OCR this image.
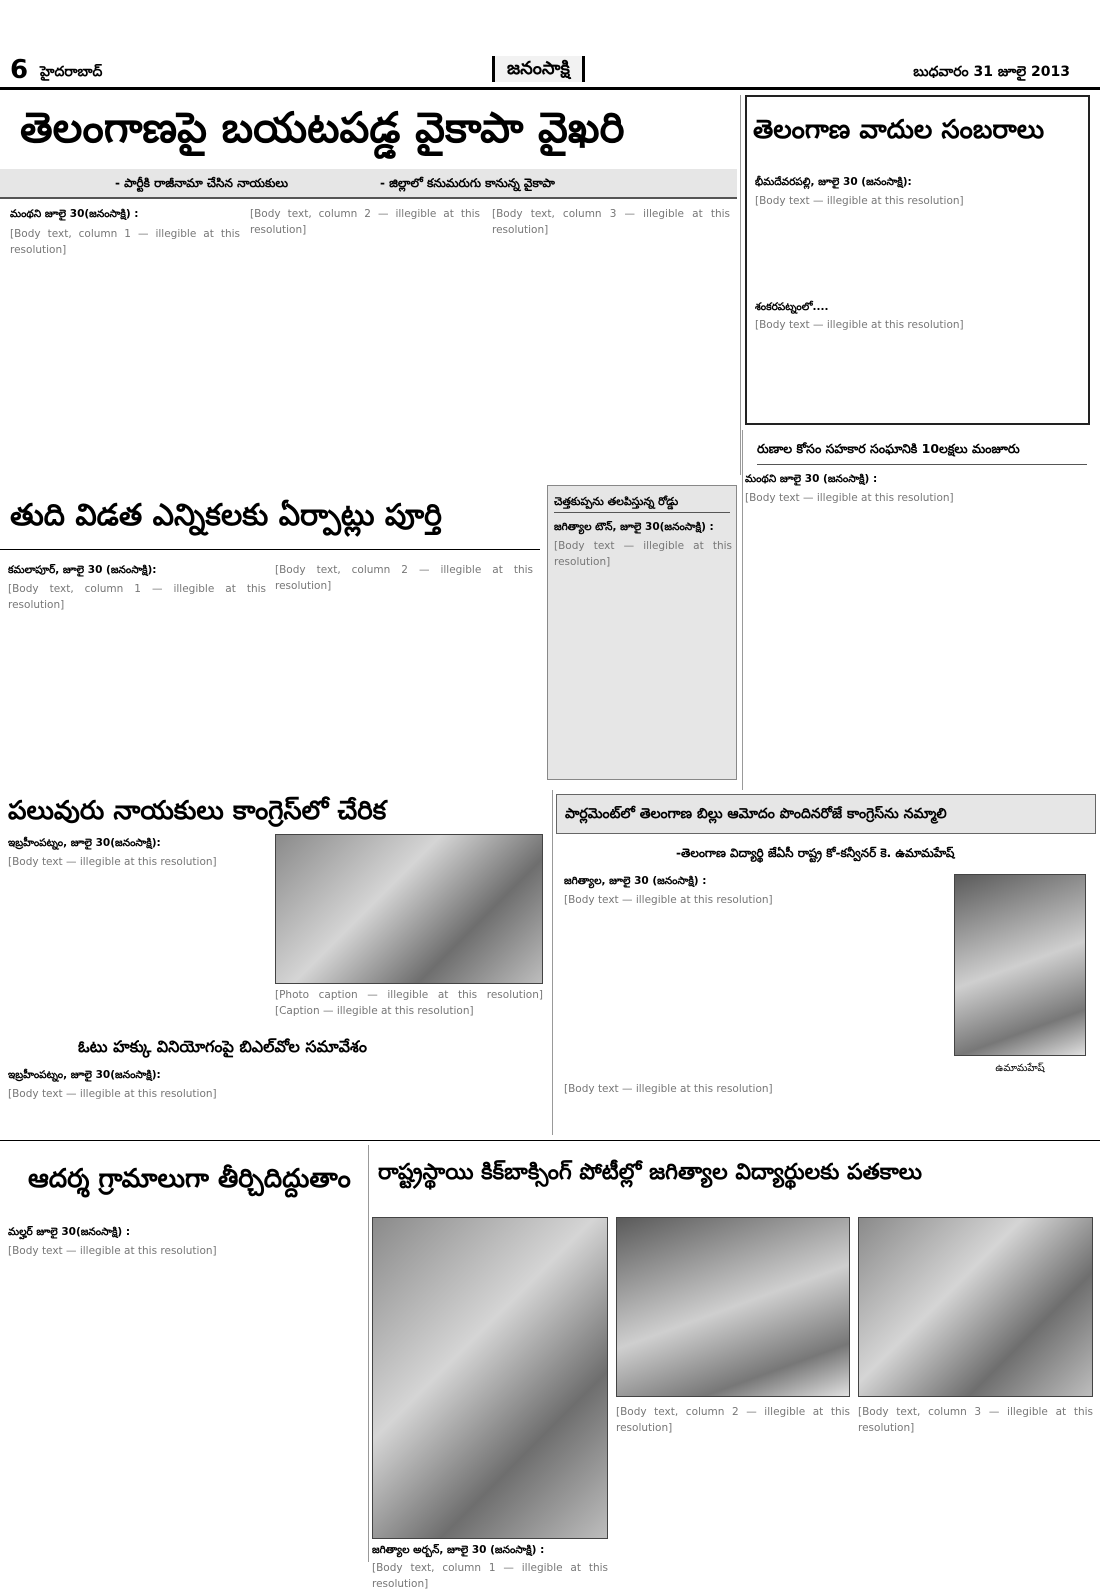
6 హైదరాబాద్	జనంసాక్షి	బుధవారం 31 జూలై 2013
తెలంగాణపై బయటపడ్డ వైకాపా వైఖరి
- పార్టీకి రాజీనామా చేసిన నాయకులు	- జిల్లాలో కనుమరుగు కానున్న వైకాపా
మంథని జూలై 30(జనంసాక్షి) :

[Body text, column 1 — illegible at this resolution]

[Body text, column 2 — illegible at this resolution]

[Body text, column 3 — illegible at this resolution]

తెలంగాణ వాదుల సంబరాలు
భీమదేవరపల్లి, జూలై 30 (జనంసాక్షి):

[Body text — illegible at this resolution]

శంకరపట్నంలో....

[Body text — illegible at this resolution]

రుణాల కోసం సహకార సంఘానికి 10లక్షలు మంజూరు
మంథని జూలై 30 (జనంసాక్షి) :

[Body text — illegible at this resolution]

తుది విడత ఎన్నికలకు ఏర్పాట్లు పూర్తి
కమలాపూర్, జూలై 30 (జనంసాక్షి):

[Body text, column 1 — illegible at this resolution]

[Body text, column 2 — illegible at this resolution]

చెత్తకుప్పను తలపిస్తున్న రోడ్డు
జగిత్యాల టౌన్, జూలై 30(జనంసాక్షి) :

[Body text — illegible at this resolution]

పలువురు నాయకులు కాంగ్రెస్‌లో చేరిక
ఇబ్రహీంపట్నం, జూలై 30(జనంసాక్షి):

[Body text — illegible at this resolution]

[Photo caption — illegible at this resolution] [Caption — illegible at this resolution]
పార్లమెంట్‌లో తెలంగాణ బిల్లు ఆమోదం పొందినరోజే కాంగ్రెస్‌ను నమ్మాలి
-తెలంగాణ విద్యార్థి జేఏసీ రాష్ట్ర కో-కన్వీనర్ కె. ఉమామహేష్
జగిత్యాల, జూలై 30 (జనంసాక్షి) :

[Body text — illegible at this resolution]

ఉమామహేష్

[Body text — illegible at this resolution]

ఓటు హక్కు వినియోగంపై బిఎల్‌వోల సమావేశం
ఇబ్రహీంపట్నం, జూలై 30(జనంసాక్షి):

[Body text — illegible at this resolution]

ఆదర్శ గ్రామాలుగా తీర్చిదిద్దుతాం
మల్హర్ జూలై 30(జనంసాక్షి) :

[Body text — illegible at this resolution]

రాష్ట్రస్థాయి కిక్‌బాక్సింగ్ పోటీల్లో జగిత్యాల విద్యార్థులకు పతకాలు
జగిత్యాల అర్బన్, జూలై 30 (జనంసాక్షి) :

[Body text, column 1 — illegible at this resolution]

[Body text, column 2 — illegible at this resolution]

[Body text, column 3 — illegible at this resolution]
